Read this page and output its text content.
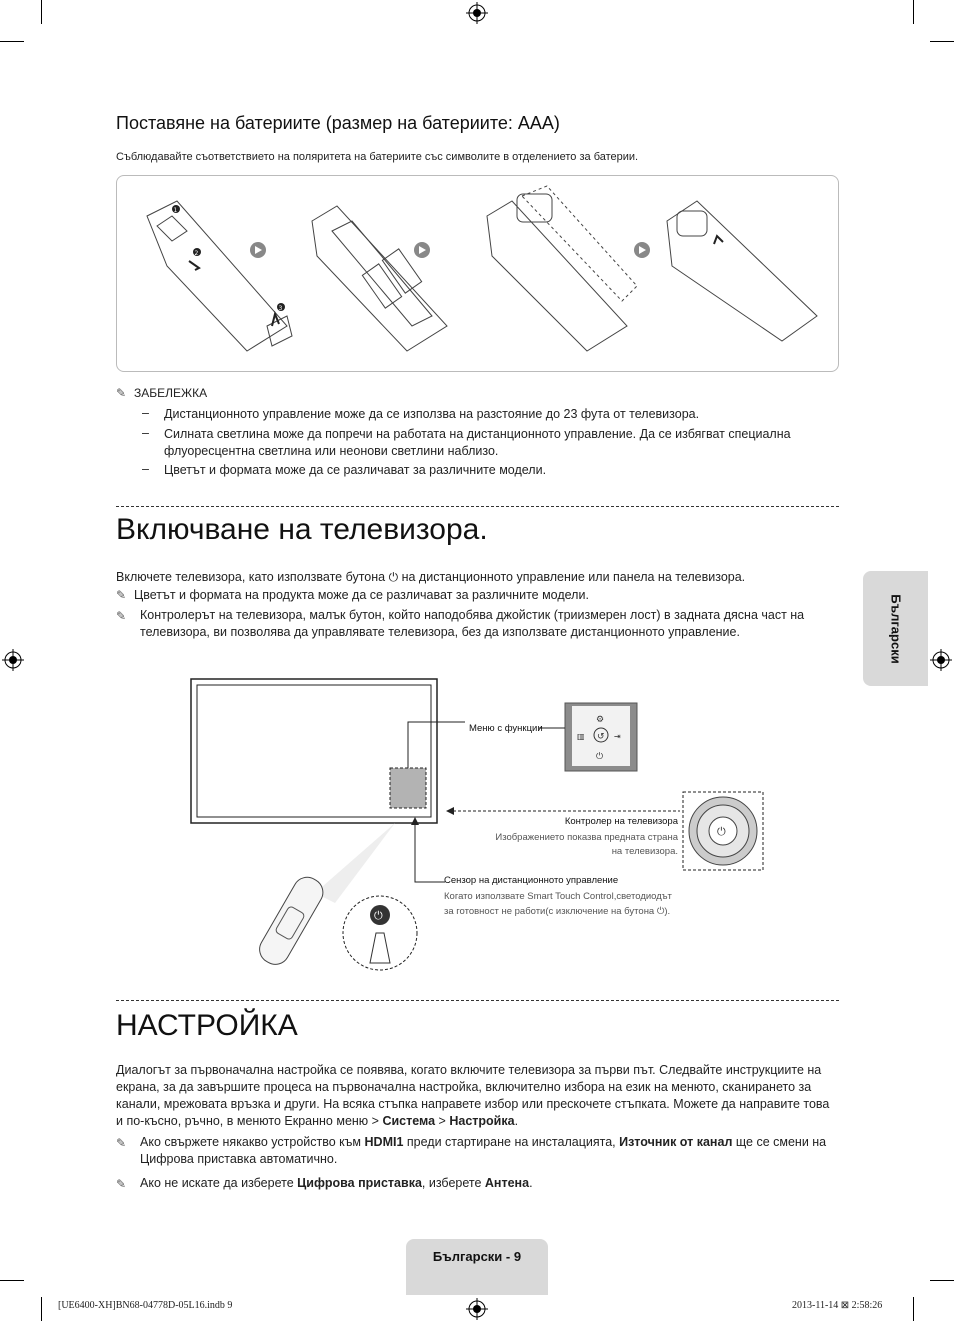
Поставяне на батериите (размер на батериите: AAA)
Съблюдавайте съответствието на поляритета на батериите със символите в отделението за батерии.
1
2
3
✎ ЗАБЕЛЕЖКА
–	Дистанционното управление може да се използва на разстояние до 23 фута от телевизора.
–	Силната светлина може да попречи на работата на дистанционното управление. Да се избягват специална флуоресцентна светлина или неонови светлини наблизо.
–	Цветът и формата може да се различават за различните модели.
Включване на телевизора.
Включете телевизора, като използвате бутона ⏻ на дистанционното управление или панела на телевизора.
✎ Цветът и формата на продукта може да се различават за различните модели.
✎	Контролерът на телевизора, малък бутон, който наподобява джойстик (триизмерен лост) в задната дясна част на телевизора, ви позволява да управлявате телевизора, без да използвате дистанционното управление.
↺
⚙
⏻
▥	⇥
⏻
⏻
Меню с функции
Контролер на телевизора
Изображението показва предната страна
на телевизора.
Сензор на дистанционното управление
Когато използвате Smart Touch Control,светодиодът
за готовност не работи(с изключение на бутона ⏻).
НАСТРОЙКА
Диалогът за първоначална настройка се появява, когато включите телевизора за първи път. Следвайте инструкциите на екрана, за да завършите процеса на първоначална настройка, включително избора на език на менюто, сканирането за канали, мрежовата връзка и други. На всяка стъпка направете избор или прескочете стъпката. Можете да направите това и по-късно, ръчно, в менюто Екранно меню > Система > Настройка.
✎	Ако свържете някакво устройство към HDMI1 преди стартиране на инсталацията, Източник от канал ще се смени на Цифрова приставка автоматично.
✎	Ако не искате да изберете Цифрова приставка, изберете Антена.
Български
Български - 9
[UE6400-XH]BN68-04778D-05L16.indb 9	2013-11-14 ⊠ 2:58:26
